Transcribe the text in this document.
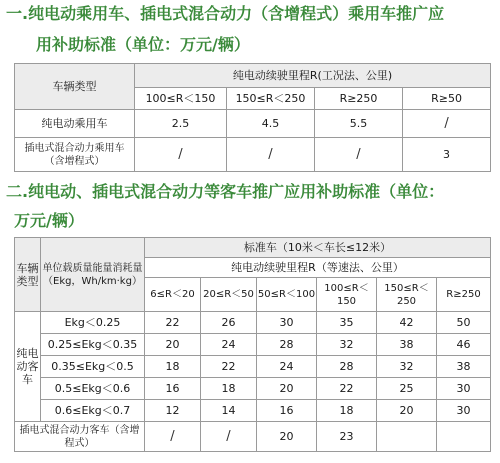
一.纯电动乘用车、插电式混合动力（含增程式）乘用车推广应
用补助标准（单位：万元/辆）
车辆类型	纯电动续驶里程R(工况法、公里)			
	100≤R＜150	150≤R＜250	R≥250	R≥50
纯电动乘用车	2.5	4.5	5.5	/
插电式混合动力乘用车（含增程式）	/	/	/	3
二.纯电动、插电式混合动力等客车推广应用补助标准（单位：
万元/辆）
车辆类型	单位载质量能量消耗量（Ekg，Wh/km·kg）	标准车（10米＜车长≤12米）					
		纯电动续驶里程R（等速法、公里）					
		6≤R＜20	20≤R＜50	50≤R＜100	100≤R＜150	150≤R＜250	R≥250
纯电动客车	Ekg＜0.25	22	26	30	35	42	50
	0.25≤Ekg＜0.35	20	24	28	32	38	46
	0.35≤Ekg＜0.5	18	22	24	28	32	38
	0.5≤Ekg＜0.6	16	18	20	22	25	30
	0.6≤Ekg＜0.7	12	14	16	18	20	30
插电式混合动力客车（含增程式）		/	/	20	23		
